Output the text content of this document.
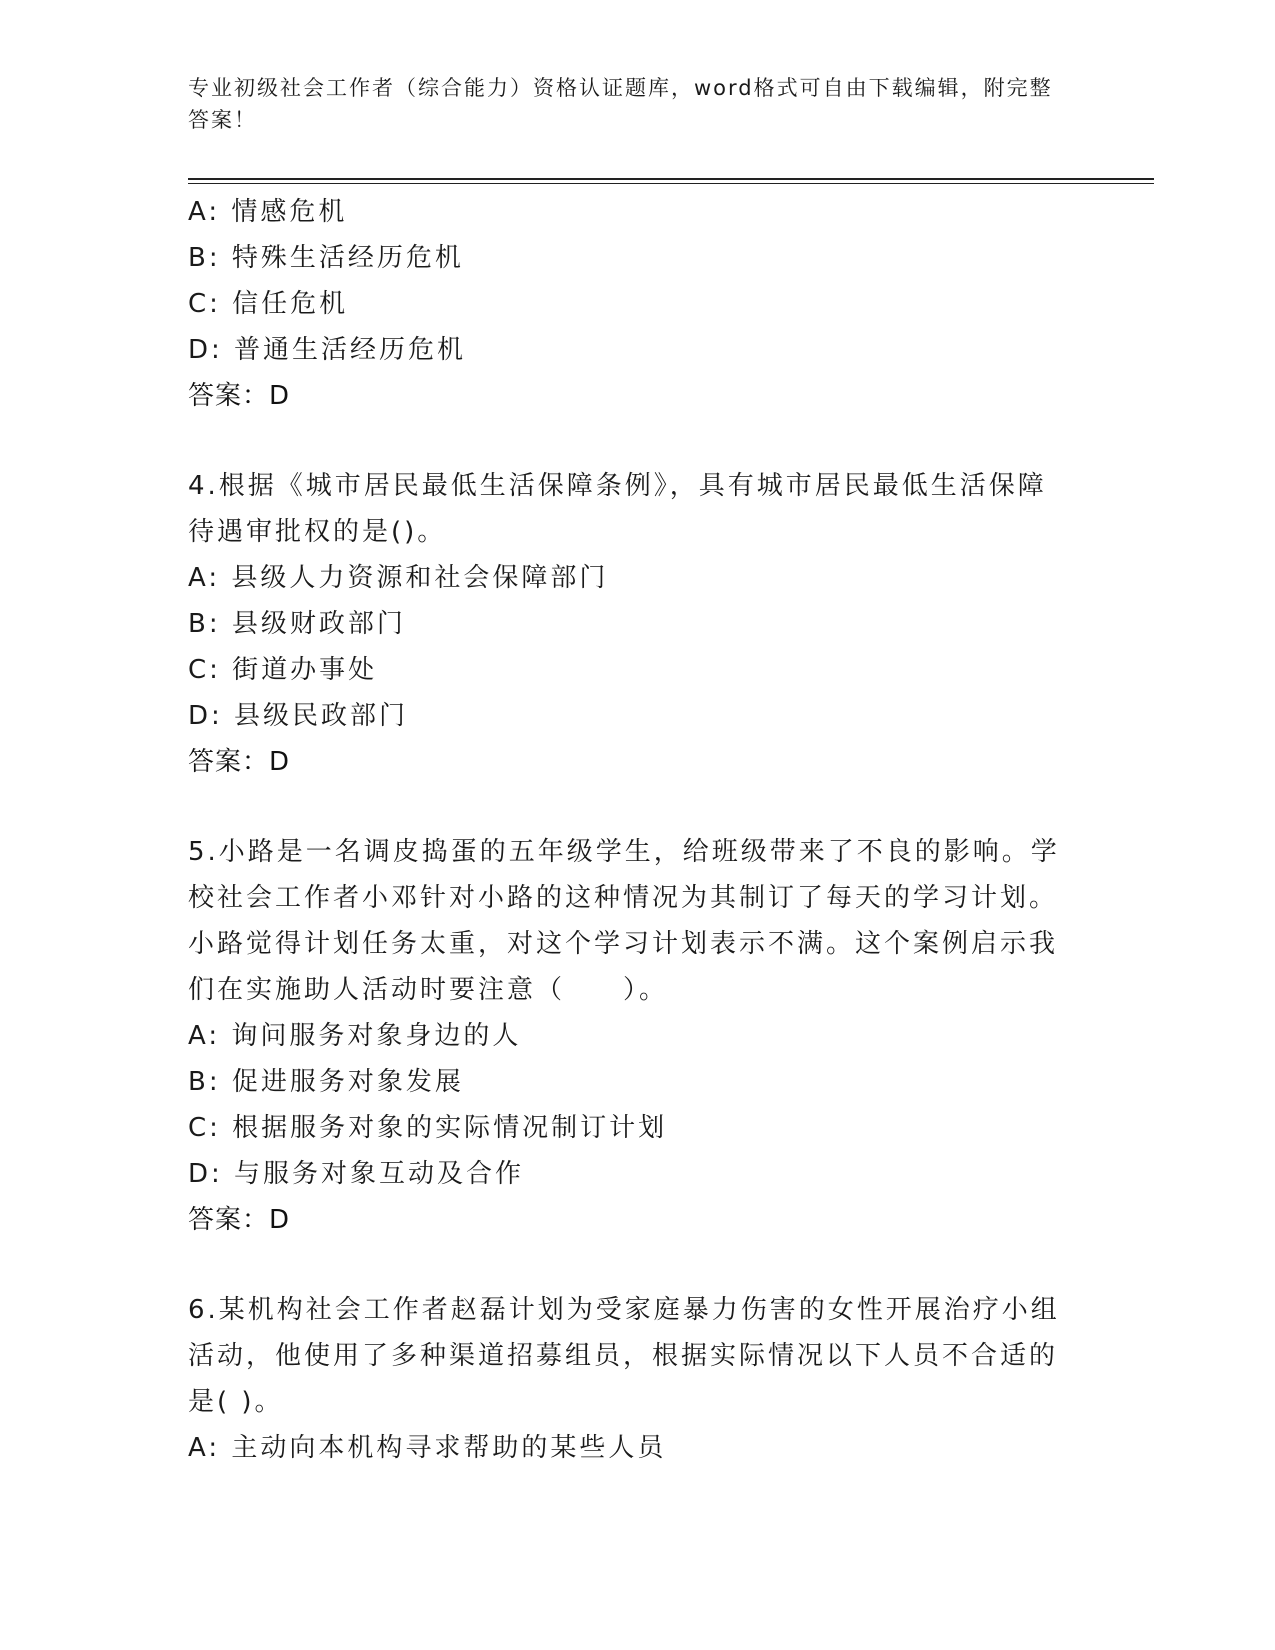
专业初级社会工作者（综合能力）资格认证题库，word格式可自由下载编辑，附完整答案！
A: 情感危机
B: 特殊生活经历危机
C: 信任危机
D: 普通生活经历危机
答案：D
4.根据《城市居民最低生活保障条例》，具有城市居民最低生活保障待遇审批权的是()。
A: 县级人力资源和社会保障部门
B: 县级财政部门
C: 街道办事处
D: 县级民政部门
答案：D
5.小路是一名调皮捣蛋的五年级学生，给班级带来了不良的影响。学校社会工作者小邓针对小路的这种情况为其制订了每天的学习计划。小路觉得计划任务太重，对这个学习计划表示不满。这个案例启示我们在实施助人活动时要注意（　　）。
A: 询问服务对象身边的人
B: 促进服务对象发展
C: 根据服务对象的实际情况制订计划
D: 与服务对象互动及合作
答案：D
6.某机构社会工作者赵磊计划为受家庭暴力伤害的女性开展治疗小组活动，他使用了多种渠道招募组员，根据实际情况以下人员不合适的是( )。
A: 主动向本机构寻求帮助的某些人员
